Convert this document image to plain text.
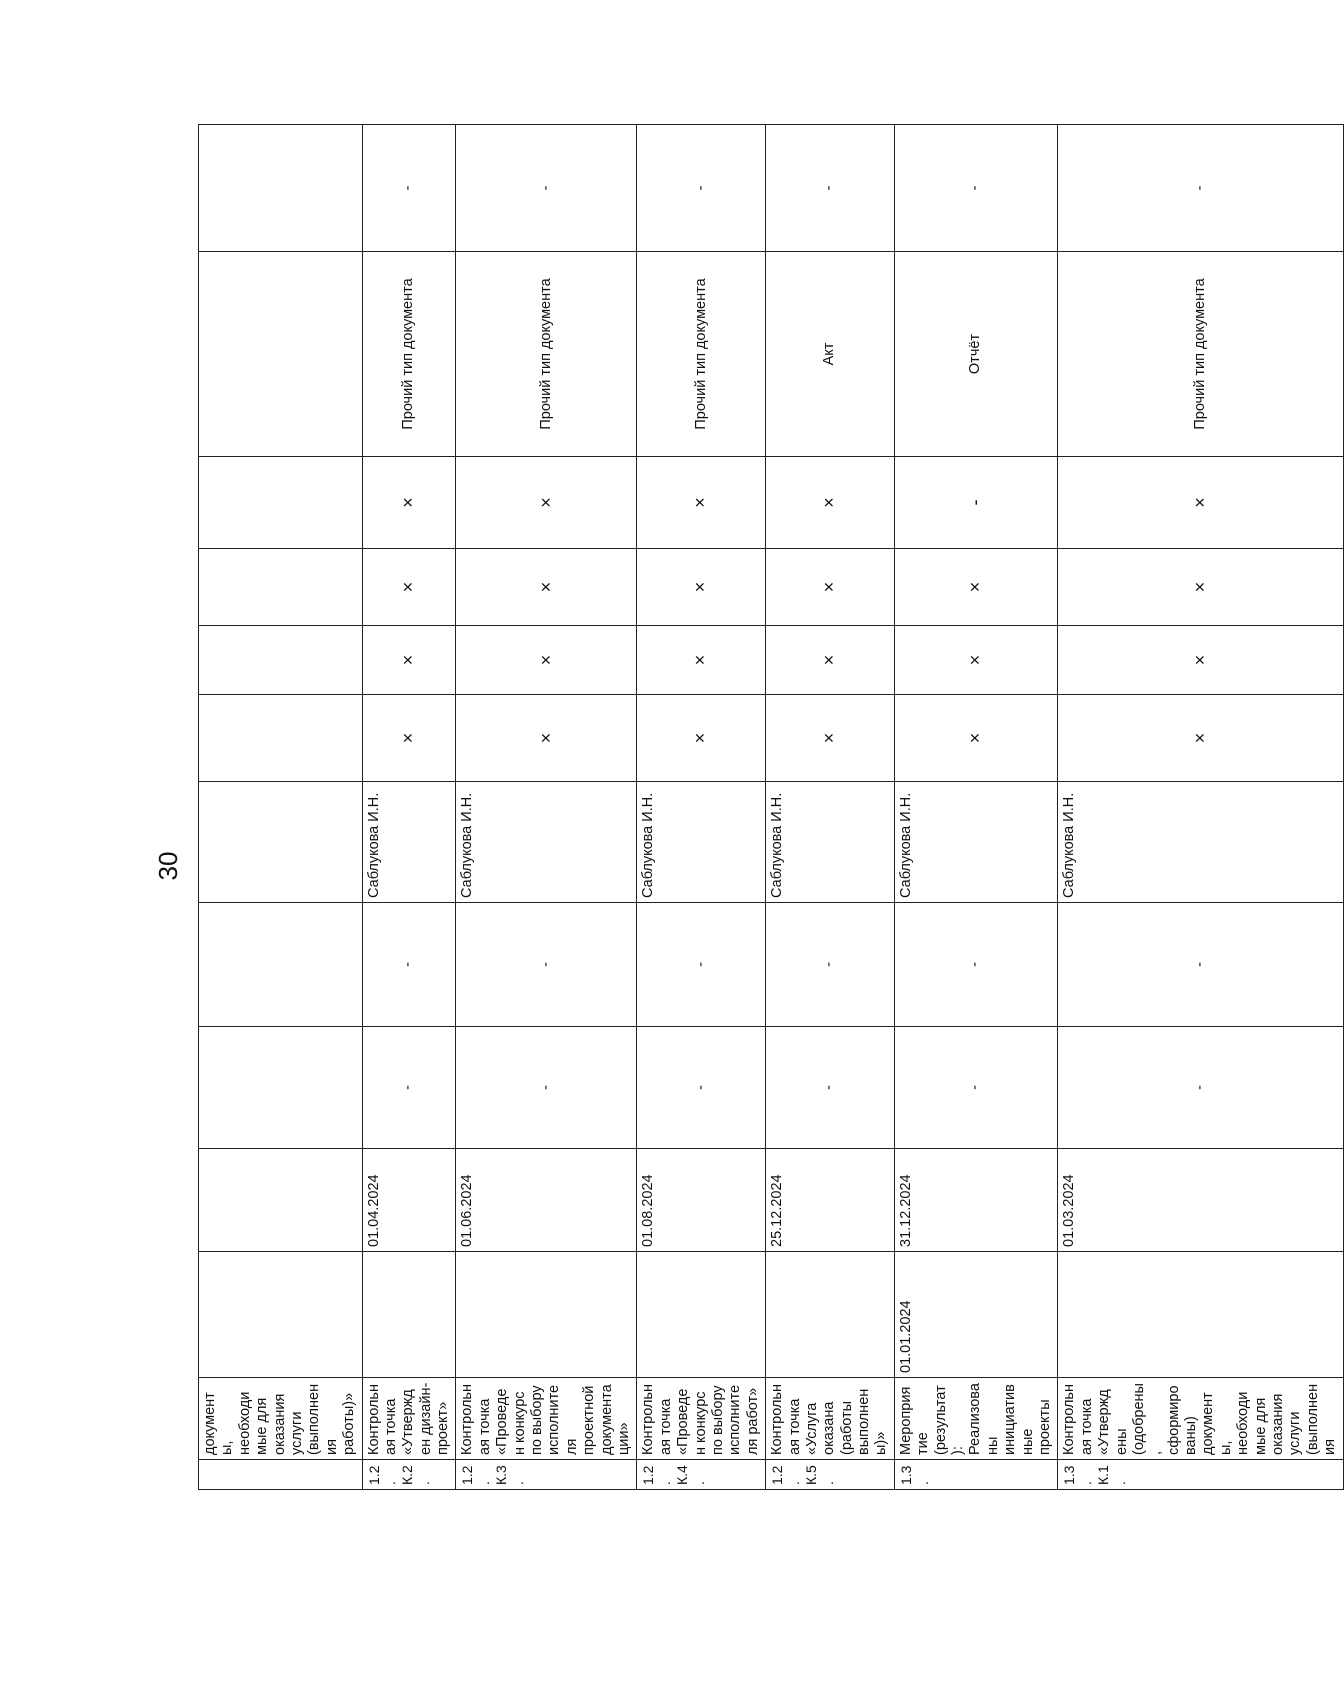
30
	документы, необходимые для оказания услуги (выполнения работы)»											
1.2. К.2.	Контрольная точка «Утвержден дизайн-проект»		01.04.2024	-	-	Саблукова И.Н.	×	×	×	×	Прочий тип документа	-
1.2. К.3.	Контрольная точка «Проведен конкурс по выбору исполнителя проектной документации»		01.06.2024	-	-	Саблукова И.Н.	×	×	×	×	Прочий тип документа	-
1.2. К.4.	Контрольная точка «Проведен конкурс по выбору исполнителя работ»		01.08.2024	-	-	Саблукова И.Н.	×	×	×	×	Прочий тип документа	-
1.2. К.5.	Контрольная точка «Услуга оказана (работы выполнены)»		25.12.2024	-	-	Саблукова И.Н.	×	×	×	×	Акт	-
1.3.	Мероприятие (результат): Реализованы инициативные проекты	01.01.2024	31.12.2024	-	-	Саблукова И.Н.	×	×	×	-	Отчёт	-
1.3. К.1.	Контрольная точка «Утверждены (одобрены, сформированы) документы, необходимые для оказания услуги (выполнения		01.03.2024	-	-	Саблукова И.Н.	×	×	×	×	Прочий тип документа	-
